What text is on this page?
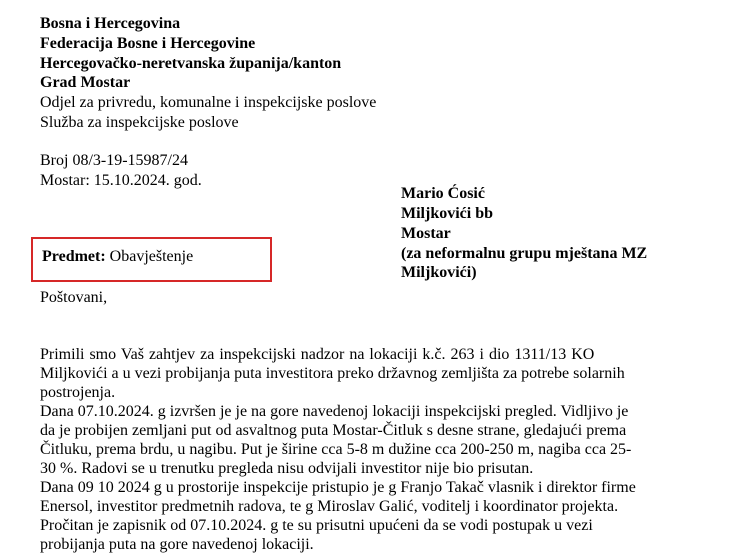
Bosna i Hercegovina
Federacija Bosne i Hercegovine
Hercegovačko-neretvanska županija/kanton
Grad Mostar
Odjel za privredu, komunalne i inspekcijske poslove
Služba za inspekcijske poslove
Broj 08/3-19-15987/24
Mostar: 15.10.2024. god.
Mario Ćosić
Miljkovići bb
Mostar
(za neformalnu grupu mještana MZ
Miljkovići)
Predmet: Obavještenje
Poštovani,
Primili smo Vaš zahtjev za inspekcijski nadzor na lokaciji k.č. 263 i dio 1311/13 KO
Miljkovići a u vezi probijanja puta investitora preko državnog zemljišta za potrebe solarnih
postrojenja.
Dana 07.10.2024. g izvršen je je na gore navedenoj lokaciji inspekcijski pregled. Vidljivo je
da je probijen zemljani put od asvaltnog puta Mostar-Čitluk s desne strane, gledajući prema
Čitluku, prema brdu, u nagibu. Put je širine cca 5-8 m dužine cca 200-250 m, nagiba cca 25-
30 %. Radovi se u trenutku pregleda nisu odvijali investitor nije bio prisutan.
Dana 09 10 2024 g u prostorije inspekcije pristupio je g Franjo Takač vlasnik i direktor firme
Enersol, investitor predmetnih radova, te g Miroslav Galić, voditelj i koordinator projekta.
Pročitan je zapisnik od 07.10.2024. g te su prisutni upućeni da se vodi postupak u vezi
probijanja puta na gore navedenoj lokaciji.
